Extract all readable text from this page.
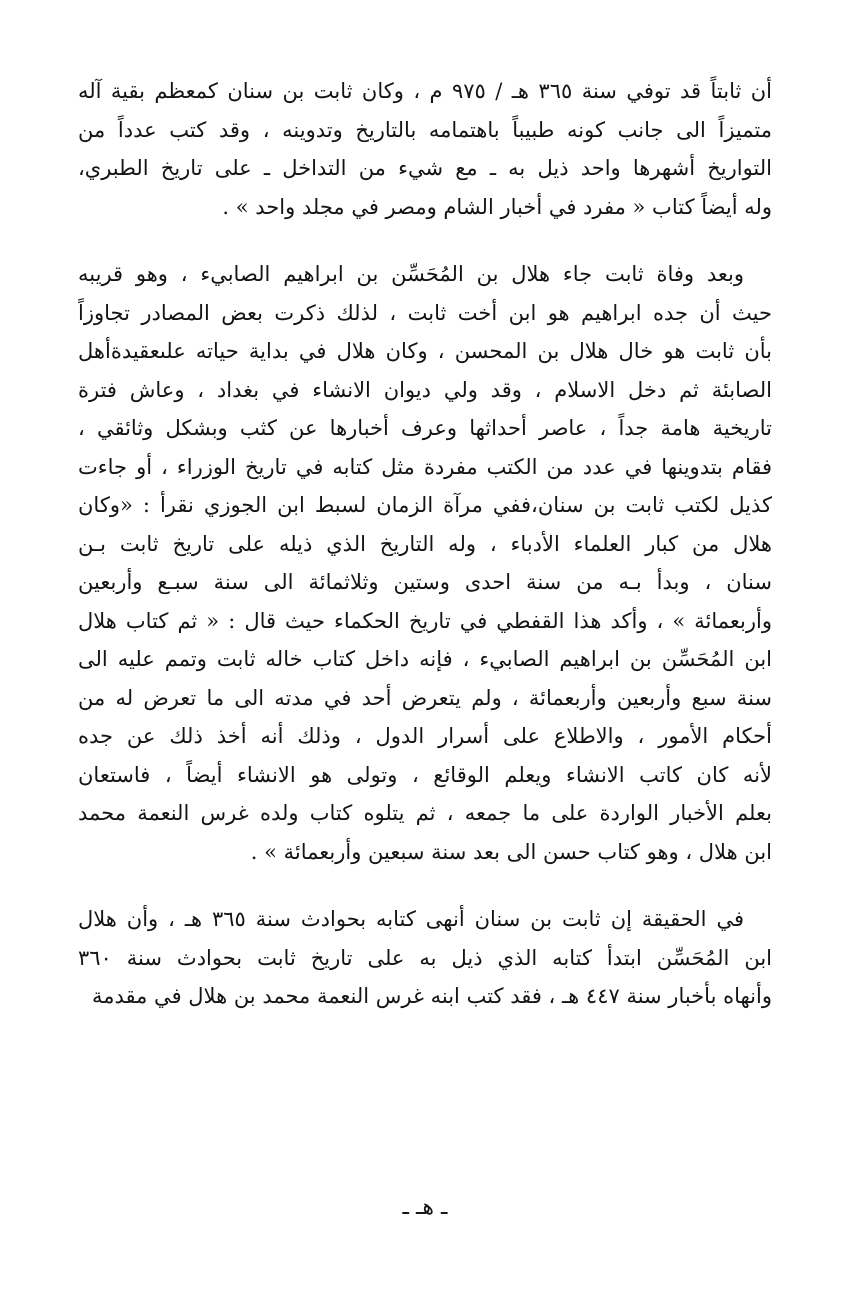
أن ثابتاً قد توفي سنة ٣٦٥ هـ / ٩٧٥ م ، وكان ثابت بن سنان كمعظم بقية آله
متميزاً الى جانب كونه طبيباً باهتمامه بالتاريخ وتدوينه ، وقد كتب عدداً من
التواريخ أشهرها واحد ذيل به ـ مع شيء من التداخل ـ على تاريخ الطبري،
وله أيضاً كتاب « مفرد في أخبار الشام ومصر في مجلد واحد » .
وبعد وفاة ثابت جاء هلال بن المُحَسِّن بن ابراهيم الصابيء ، وهو قريبه
حيث أن جده ابراهيم هو ابن أخت ثابت ، لذلك ذكرت بعض المصادر تجاوزاً
بأن ثابت هو خال هلال بن المحسن ، وكان هلال في بداية حياته علىعقيدةأهل
الصابئة ثم دخل الاسلام ، وقد ولي ديوان الانشاء في بغداد ، وعاش فترة
تاريخية هامة جداً ، عاصر أحداثها وعرف أخبارها عن كثب وبشكل وثائقي ،
فقام بتدوينها في عدد من الكتب مفردة مثل كتابه في تاريخ الوزراء ، أو جاءت
كذيل لكتب ثابت بن سنان،ففي مرآة الزمان لسبط ابن الجوزي نقرأ : «وكان
هلال من كبار العلماء الأدباء ، وله التاريخ الذي ذيله على تاريخ ثابت بـن
سنان ، وبدأ بـه من سنة احدى وستين وثلاثمائة الى سنة سبـع وأربعين
وأربعمائة » ، وأكد هذا القفطي في تاريخ الحكماء حيث قال : « ثم كتاب هلال
ابن المُحَسِّن بن ابراهيم الصابيء ، فإنه داخل كتاب خاله ثابت وتمم عليه الى
سنة سبع وأربعين وأربعمائة ، ولم يتعرض أحد في مدته الى ما تعرض له من
أحكام الأمور ، والاطلاع على أسرار الدول ، وذلك أنه أخذ ذلك عن جده
لأنه كان كاتب الانشاء ويعلم الوقائع ، وتولى هو الانشاء أيضاً ، فاستعان
بعلم الأخبار الواردة على ما جمعه ، ثم يتلوه كتاب ولده غرس النعمة محمد
ابن هلال ، وهو كتاب حسن الى بعد سنة سبعين وأربعمائة » .
في الحقيقة إن ثابت بن سنان أنهى كتابه بحوادث سنة ٣٦٥ هـ ، وأن هلال
ابن المُحَسِّن ابتدأ كتابه الذي ذيل به على تاريخ ثابت بحوادث سنة ٣٦٠
وأنهاه بأخبار سنة ٤٤٧ هـ ، فقد كتب ابنه غرس النعمة محمد بن هلال في مقدمة
ـ هـ ـ
